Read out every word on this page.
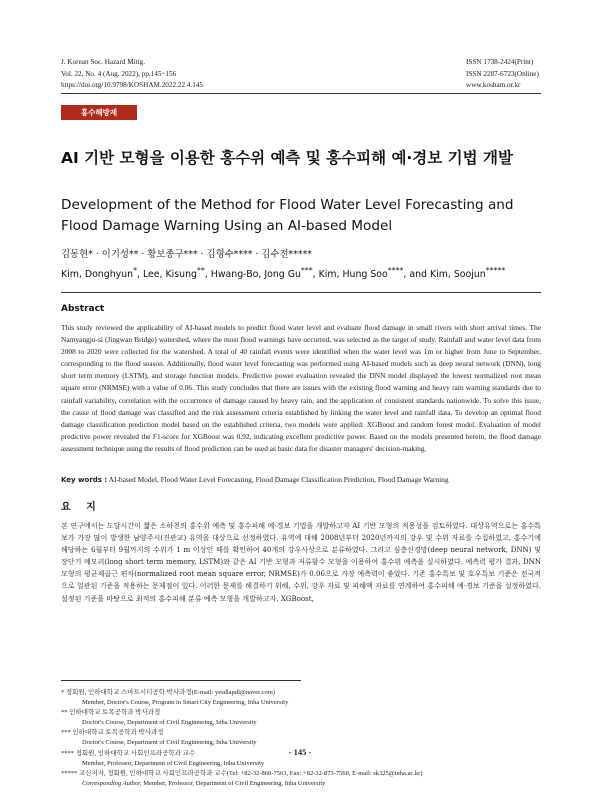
J. Korean Soc. Hazard Mitig.
Vol. 22, No. 4 (Aug. 2022), pp.145~156
https://doi.org/10.9798/KOSHAM.2022.22.4.145
ISSN 1738-2424(Print)
ISSN 2287-6723(Online)
www.kosham.or.kr
홍수해방재
AI 기반 모형을 이용한 홍수위 예측 및 홍수피해 예·경보 기법 개발
Development of the Method for Flood Water Level Forecasting and Flood Damage Warning Using an AI-based Model
김동현* · 이기성** · 황보종구*** · 김형수**** · 김수전*****
Kim, Donghyun*, Lee, Kisung**, Hwang-Bo, Jong Gu***, Kim, Hung Soo****, and Kim, Soojun*****
Abstract
This study reviewed the applicability of AI-based models to predict flood water level and evaluate flood damage in small rivers with short arrival times. The Namyangju-si (Jingwan Bridge) watershed, where the most flood warnings have occurred, was selected as the target of study. Rainfall and water level data from 2008 to 2020 were collected for the watershed. A total of 40 rainfall events were identified when the water level was 1m or higher from June to September, corresponding to the flood season. Additionally, flood water level forecasting was performed using AI-based models such as deep neural network (DNN), long short term memory (LSTM), and storage function models. Predictive power evaluation revealed the DNN model displayed the lowest normalized root mean square error (NRMSE) with a value of 0.06. This study concludes that there are issues with the existing flood warning and heavy rain warning standards due to rainfall variability, correlation with the occurrence of damage caused by heavy rain, and the application of consistent standards nationwide. To solve this issue, the cause of flood damage was classified and the risk assessment criteria established by linking the water level and rainfall data. To develop an optimal flood damage classification prediction model based on the established criteria, two models were applied: XGBoost and random forest model. Evaluation of model predictive power revealed the F1-score for XGBoost was 0.92, indicating excellent predictive power. Based on the models presented herein, the flood damage assessment technique using the results of flood prediction can be used as basic data for disaster managers' decision-making.
Key words : AI-based Model, Flood Water Level Forecasting, Flood Damage Classification Prediction, Flood Damage Warning
요 지
본 연구에서는 도달시간이 짧은 소하천의 홍수위 예측 및 홍수피해 예·경보 기법을 개발하고자 AI 기반 모형의 적용성을 검토하였다. 대상유역으로는 홍수특보가 가장 많이 발생한 남양주시(진관교) 유역을 대상으로 선정하였다. 유역에 대해 2008년부터 2020년까지의 강우 및 수위 자료를 수집하였고, 홍수기에 해당하는 6월부터 9월까지의 수위가 1 m 이상인 때를 확인하여 40개의 강우사상으로 분류하였다. 그리고 심층신경망(deep neural network, DNN) 및 장단기 메모리(long short term memory, LSTM)와 같은 AI 기반 모형과 저류함수 모형을 이용하여 홍수위 예측을 실시하였다. 예측력 평가 결과, DNN 모형의 평균제곱근 편차(normalized root mean square error, NRMSE)가 0.06으로 가장 예측력이 좋았다. 기존 홍수특보 및 호우특보 기준은 전국적으로 일관된 기준을 적용하는 문제점이 있다. 이러한 문제를 해결하기 위해, 수위, 강우 자료 및 피해액 자료를 연계하여 홍수피해 예·경보 기준을 설정하였다. 설정된 기준을 바탕으로 최적의 홍수피해 분류 예측 모형을 개발하고자, XGBoost,
* 정회원, 인하대학교 스마트시티공학 박사과정(E-mail: yesdlapdl@naver.com)
Member, Doctor's Course, Program in Smart City Engineering, Inha University
** 인하대학교 토목공학과 박사과정
Doctor's Course, Department of Civil Engineering, Inha University
*** 인하대학교 토목공학과 박사과정
Doctor's Course, Department of Civil Engineering, Inha University
**** 정회원, 인하대학교 사회인프라공학과 교수
Member, Professor, Department of Civil Engineering, Inha University
***** 교신저자, 정회원, 인하대학교 사회인프라공학과 교수(Tel: +82-32-860-7563, Fax: +82-32-873-7560, E-mail: sk325@inha.ac.kr)
Corresponding Author, Member, Professor, Department of Civil Engineering, Inha University
- 145 -
